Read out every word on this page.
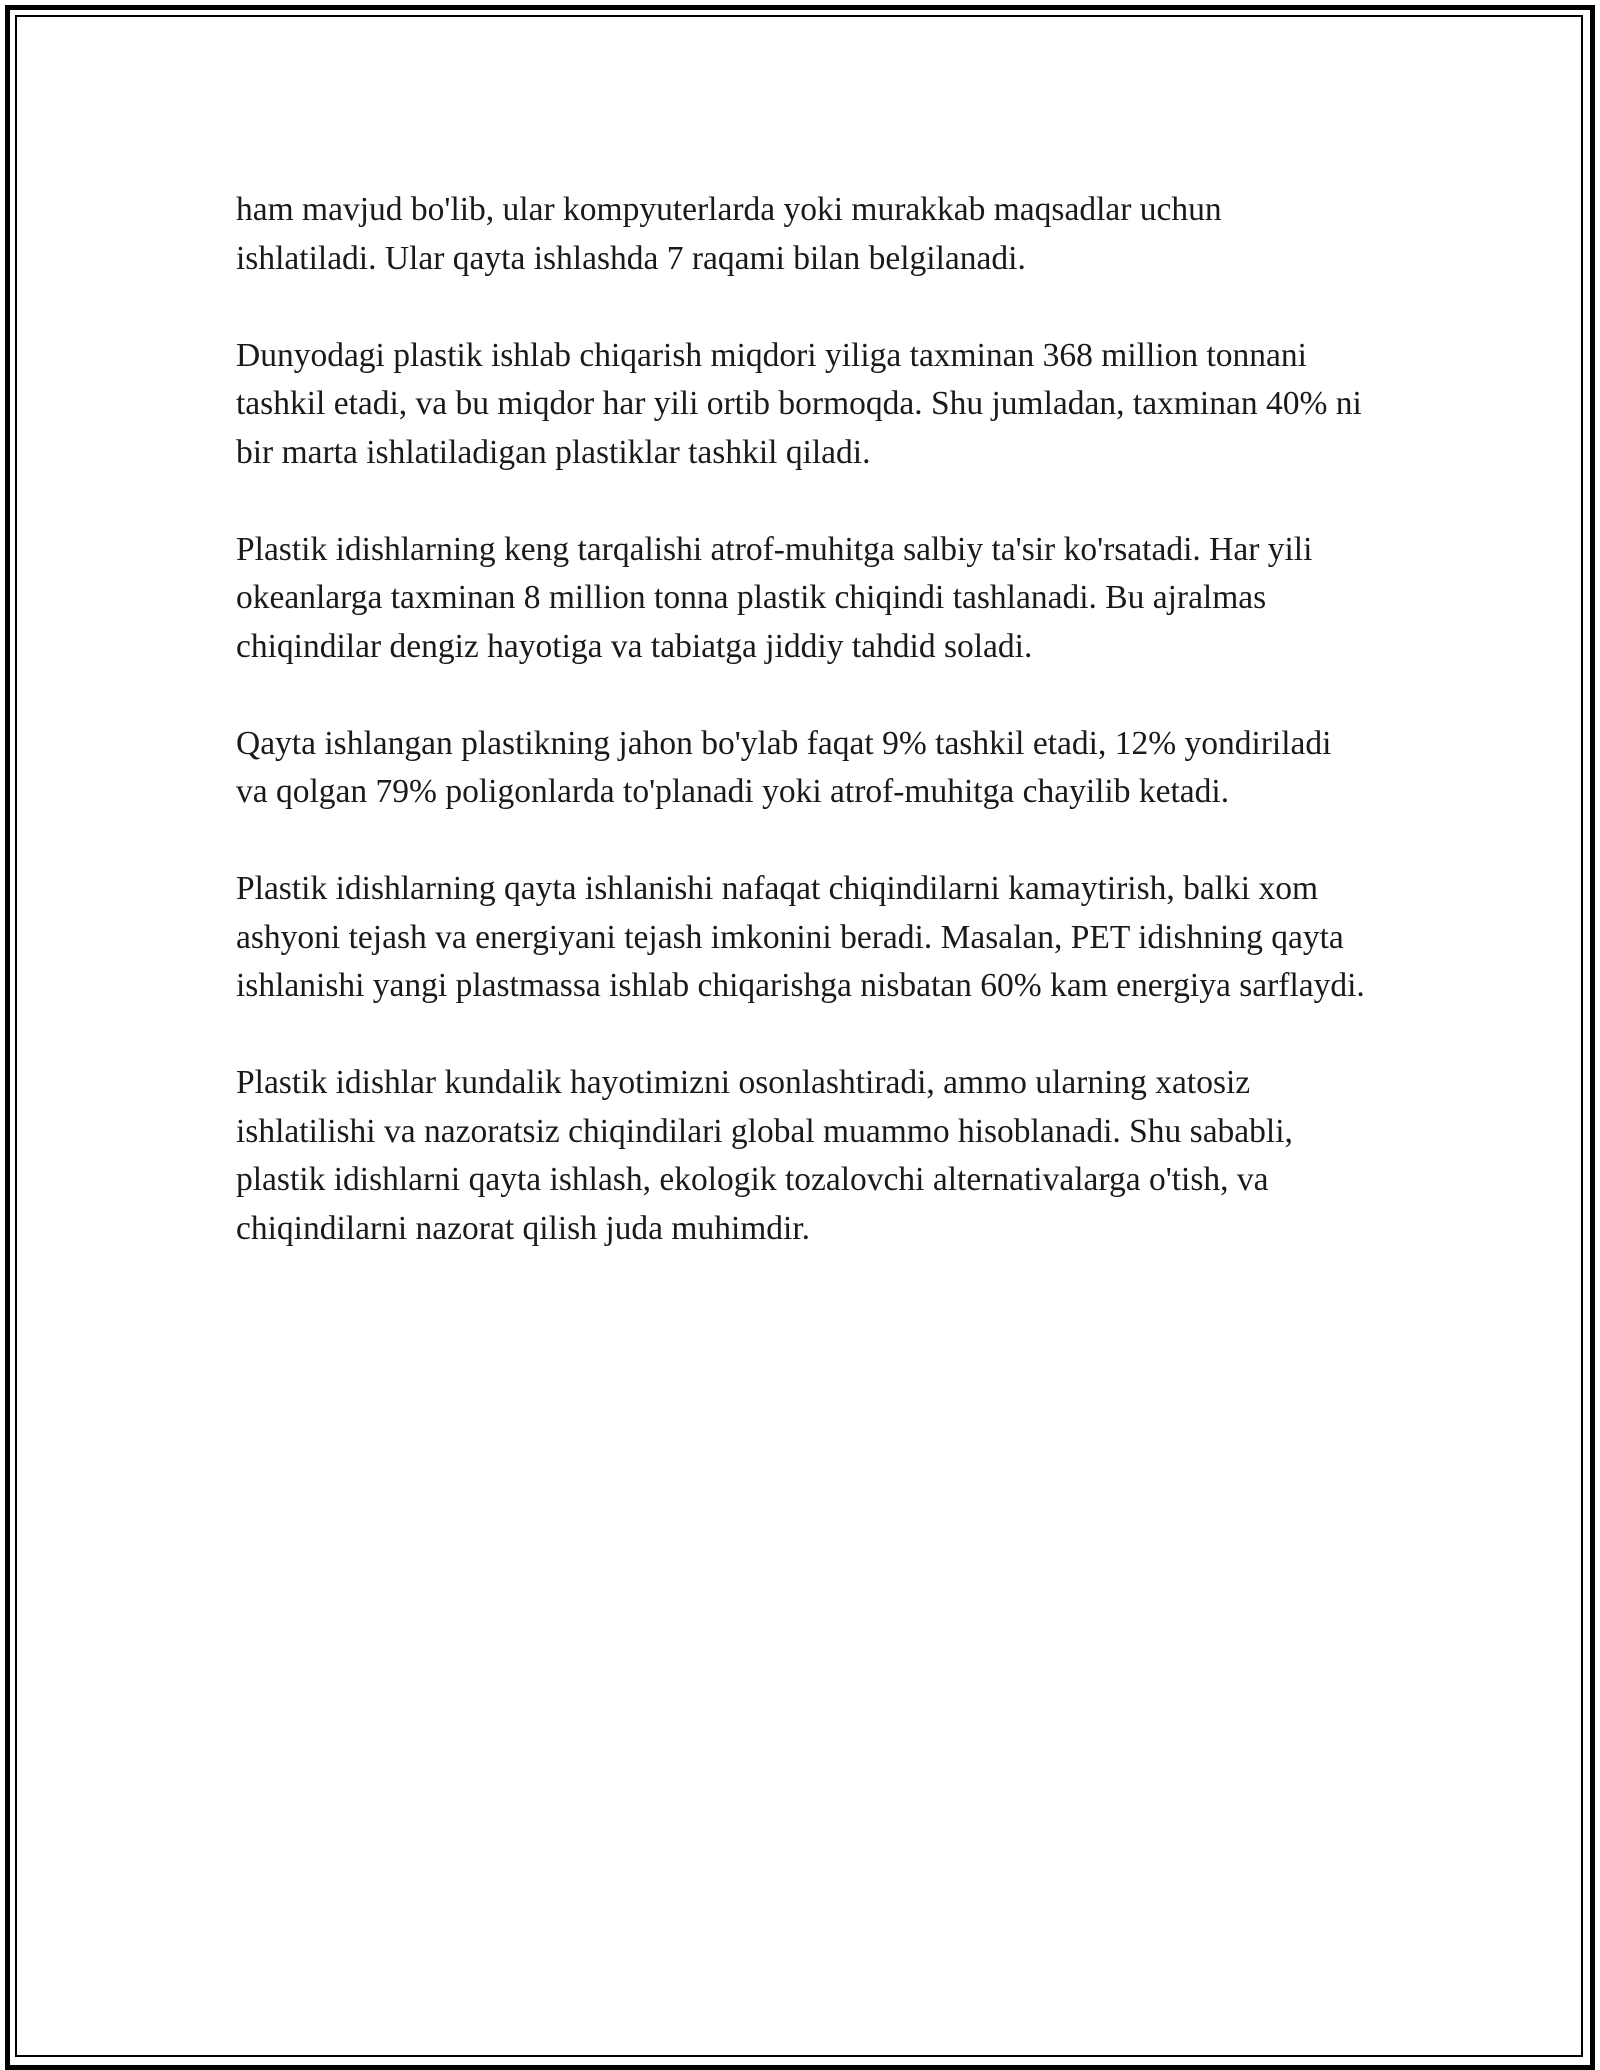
ham mavjud bo'lib, ular kompyuterlarda yoki murakkab maqsadlar uchun ishlatiladi. Ular qayta ishlashda 7 raqami bilan belgilanadi.

Dunyodagi plastik ishlab chiqarish miqdori yiliga taxminan 368 million tonnani tashkil etadi, va bu miqdor har yili ortib bormoqda. Shu jumladan, taxminan 40% ni bir marta ishlatiladigan plastiklar tashkil qiladi.

Plastik idishlarning keng tarqalishi atrof-muhitga salbiy ta'sir ko'rsatadi. Har yili okeanlarga taxminan 8 million tonna plastik chiqindi tashlanadi. Bu ajralmas chiqindilar dengiz hayotiga va tabiatga jiddiy tahdid soladi.

Qayta ishlangan plastikning jahon bo'ylab faqat 9% tashkil etadi, 12% yondiriladi va qolgan 79% poligonlarda to'planadi yoki atrof-muhitga chayilib ketadi.

Plastik idishlarning qayta ishlanishi nafaqat chiqindilarni kamaytirish, balki xom ashyoni tejash va energiyani tejash imkonini beradi. Masalan, PET idishning qayta ishlanishi yangi plastmassa ishlab chiqarishga nisbatan 60% kam energiya sarflaydi.

Plastik idishlar kundalik hayotimizni osonlashtiradi, ammo ularning xatosiz ishlatilishi va nazoratsiz chiqindilari global muammo hisoblanadi. Shu sababli, plastik idishlarni qayta ishlash, ekologik tozalovchi alternativalarga o'tish, va chiqindilarni nazorat qilish juda muhimdir.
